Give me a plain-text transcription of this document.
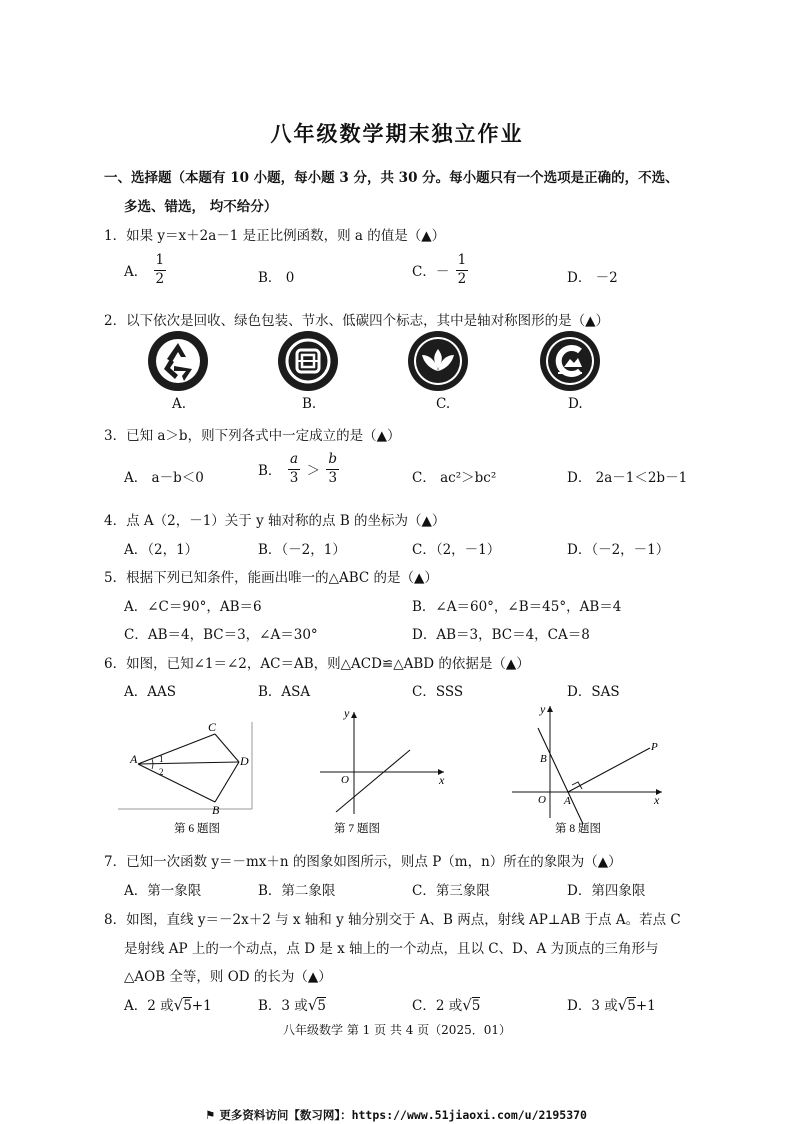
八年级数学期末独立作业
一、选择题（本题有 10 小题，每小题 3 分，共 30 分。每小题只有一个选项是正确的，不选、
多选、错选， 均不给分）
1．如果 y＝x＋2a－1 是正比例函数，则 a 的值是（▲）
A． $\frac{1}{2}$	B． 0	C．－ $\frac{1}{2}$	D． －2
2．以下依次是回收、绿色包装、节水、低碳四个标志，其中是轴对称图形的是（▲）
A.	B.	C.	D.
3．已知 a＞b，则下列各式中一定成立的是（▲）
A． a－b＜0	B． $\frac{a}{3} > \frac{b}{3}$	C． ac²＞bc²	D． 2a－1＜2b－1
4．点 A（2，－1）关于 y 轴对称的点 B 的坐标为（▲）
A．（2，1）	B．（－2，1）	C．（2，－1）	D．（－2，－1）
5．根据下列已知条件，能画出唯一的△ABC 的是（▲）
A．∠C＝90°，AB＝6	B．∠A＝60°，∠B＝45°，AB＝4
C．AB＝4，BC＝3，∠A＝30°	D．AB＝3，BC＝4，CA＝8
6．如图，已知∠1＝∠2，AC＝AB，则△ACD≌△ABD 的依据是（▲）
A．AAS	B．ASA	C．SSS	D．SAS
A
C
D
B
1
2
第 6 题图
y
x
O
第 7 题图
y
x
O A
B
P
第 8 题图
7．已知一次函数 y＝－mx＋n 的图象如图所示，则点 P（m，n）所在的象限为（▲）
A．第一象限	B．第二象限	C．第三象限	D．第四象限
8．如图，直线 y＝－2x＋2 与 x 轴和 y 轴分别交于 A、B 两点，射线 AP⊥AB 于点 A。若点 C
是射线 AP 上的一个动点，点 D 是 x 轴上的一个动点，且以 C、D、A 为顶点的三角形与
△AOB 全等，则 OD 的长为（▲）
A．2 或√5+1	B．3 或√5	C．2 或√5	D．3 或√5+1
八年级数学 第 1 页 共 4 页（2025．01）
⚑ 更多资料访问【数习网】：https://www.51jiaoxi.com/u/2195370
